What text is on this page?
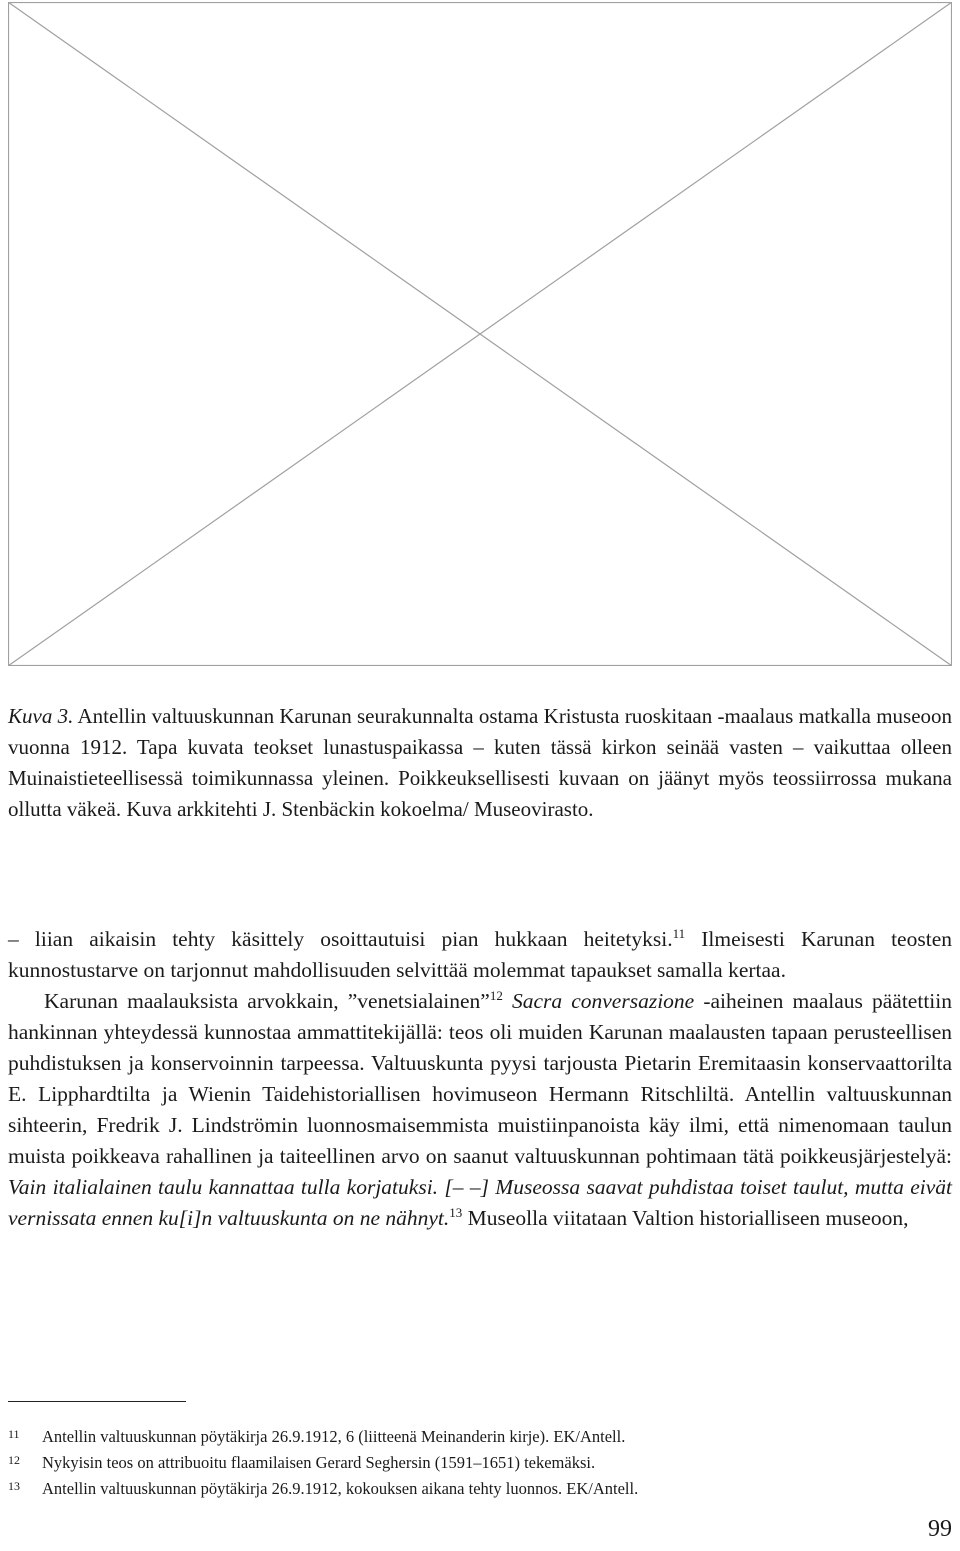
Kuva 3. Antellin valtuuskunnan Karunan seurakunnalta ostama Kristusta ruoskitaan -maalaus matkalla museoon vuonna 1912. Tapa kuvata teokset lunastuspaikassa – kuten tässä kirkon seinää vasten – vaikuttaa olleen Muinaistieteellisessä toimikunnassa yleinen. Poikkeuksellisesti kuvaan on jäänyt myös teossiirrossa mukana ollutta väkeä. Kuva arkkitehti J. Stenbäckin kokoelma/ Museovirasto.

– liian aikaisin tehty käsittely osoittautuisi pian hukkaan heitetyksi.$^{11}$ Ilmeisesti Karunan teosten kunnostustarve on tarjonnut mahdollisuuden selvittää molemmat tapaukset samalla kertaa.

Karunan maalauksista arvokkain, ”venetsialainen”$^{12}$ Sacra conversazione -aiheinen maalaus päätettiin hankinnan yhteydessä kunnostaa ammattitekijällä: teos oli muiden Karunan maalausten tapaan perusteellisen puhdistuksen ja konservoinnin tarpeessa. Valtuuskunta pyysi tarjousta Pietarin Eremitaasin konservaattorilta E. Lipphardtilta ja Wienin Taidehistoriallisen hovimuseon Hermann Ritschliltä. Antellin valtuuskunnan sihteerin, Fredrik J. Lindströmin luonnosmaisemmista muistiinpanoista käy ilmi, että nimenomaan taulun muista poikkeava rahallinen ja taiteellinen arvo on saanut valtuuskunnan pohtimaan tätä poikkeusjärjestelyä: Vain italialainen taulu kannattaa tulla korjatuksi. [– –] Museossa saavat puhdistaa toiset taulut, mutta eivät vernissata ennen ku[i]n valtuuskunta on ne nähnyt.$^{13}$ Museolla viitataan Valtion historialliseen museoon,

11 Antellin valtuuskunnan pöytäkirja 26.9.1912, 6 (liitteenä Meinanderin kirje). EK/Antell.

12 Nykyisin teos on attribuoitu flaamilaisen Gerard Seghersin (1591–1651) tekemäksi.

13 Antellin valtuuskunnan pöytäkirja 26.9.1912, kokouksen aikana tehty luonnos. EK/Antell.

99
